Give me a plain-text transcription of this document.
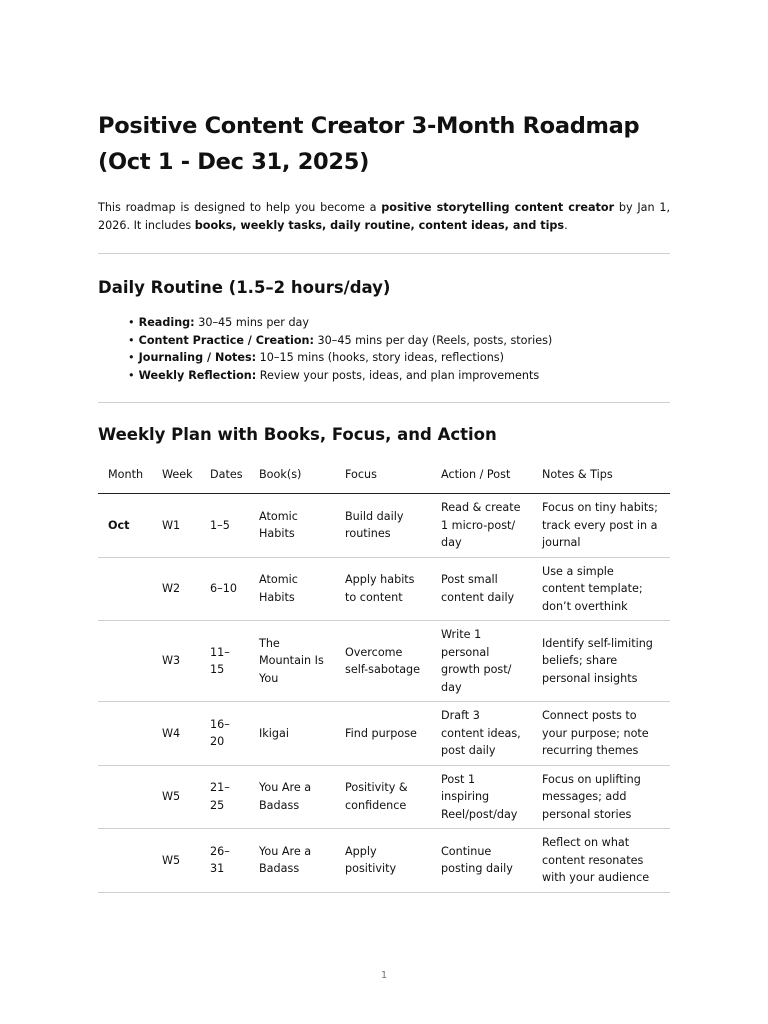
Positive Content Creator 3-Month Roadmap (Oct 1 - Dec 31, 2025)

This roadmap is designed to help you become a positive storytelling content creator by Jan 1, 2026. It includes books, weekly tasks, daily routine, content ideas, and tips.

Daily Routine (1.5–2 hours/day)
• Reading: 30–45 mins per day
• Content Practice / Creation: 30–45 mins per day (Reels, posts, stories)
• Journaling / Notes: 10–15 mins (hooks, story ideas, reflections)
• Weekly Reflection: Review your posts, ideas, and plan improvements
Weekly Plan with Books, Focus, and Action
Month	Week	Dates	Book(s)	Focus	Action / Post	Notes & Tips
Oct	W1	1–5	Atomic Habits	Build daily routines	Read & create 1 micro-post/ day	Focus on tiny habits; track every post in a journal
	W2	6–10	Atomic Habits	Apply habits to content	Post small content daily	Use a simple content template; don’t overthink
	W3	11–15	The Mountain Is You	Overcome self-sabotage	Write 1 personal growth post/ day	Identify self-limiting beliefs; share personal insights
	W4	16–20	Ikigai	Find purpose	Draft 3 content ideas, post daily	Connect posts to your purpose; note recurring themes
	W5	21–25	You Are a Badass	Positivity & confidence	Post 1 inspiring Reel/post/day	Focus on uplifting messages; add personal stories
	W5	26–31	You Are a Badass	Apply positivity	Continue posting daily	Reflect on what content resonates with your audience
1
